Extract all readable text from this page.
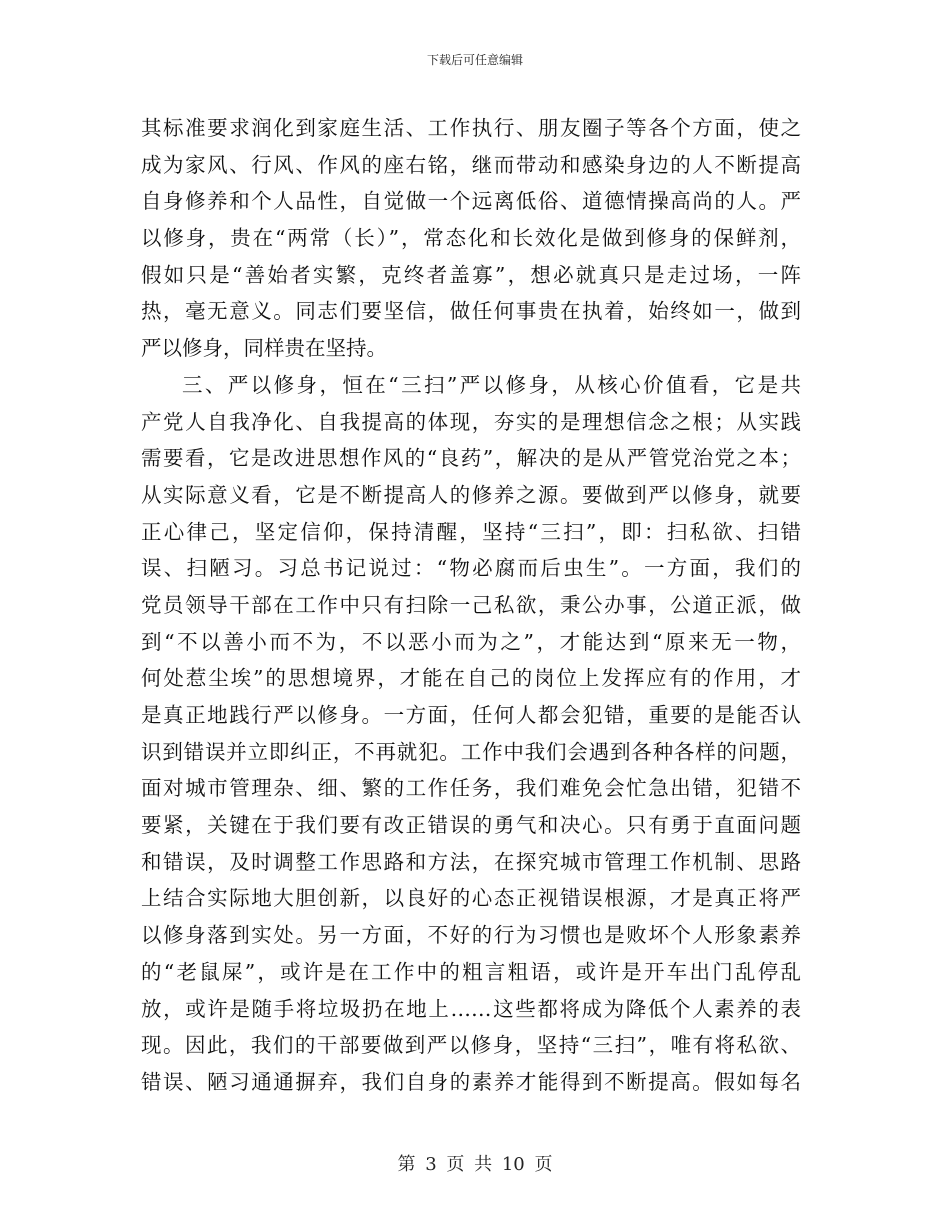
下载后可任意编辑
其标准要求润化到家庭生活、工作执行、朋友圈子等各个方面，使之
成为家风、行风、作风的座右铭，继而带动和感染身边的人不断提高
自身修养和个人品性，自觉做一个远离低俗、道德情操高尚的人。严
以修身，贵在“两常（长）”，常态化和长效化是做到修身的保鲜剂，
假如只是“善始者实繁，克终者盖寡”，想必就真只是走过场，一阵
热，毫无意义。同志们要坚信，做任何事贵在执着，始终如一，做到
严以修身，同样贵在坚持。
三、严以修身，恒在“三扫”严以修身，从核心价值看，它是共
产党人自我净化、自我提高的体现，夯实的是理想信念之根；从实践
需要看，它是改进思想作风的“良药”，解决的是从严管党治党之本；
从实际意义看，它是不断提高人的修养之源。要做到严以修身，就要
正心律己，坚定信仰，保持清醒，坚持“三扫”，即：扫私欲、扫错
误、扫陋习。习总书记说过：“物必腐而后虫生”。一方面，我们的
党员领导干部在工作中只有扫除一己私欲，秉公办事，公道正派，做
到“不以善小而不为，不以恶小而为之”，才能达到“原来无一物，
何处惹尘埃”的思想境界，才能在自己的岗位上发挥应有的作用，才
是真正地践行严以修身。一方面，任何人都会犯错，重要的是能否认
识到错误并立即纠正，不再就犯。工作中我们会遇到各种各样的问题，
面对城市管理杂、细、繁的工作任务，我们难免会忙急出错，犯错不
要紧，关键在于我们要有改正错误的勇气和决心。只有勇于直面问题
和错误，及时调整工作思路和方法，在探究城市管理工作机制、思路
上结合实际地大胆创新，以良好的心态正视错误根源，才是真正将严
以修身落到实处。另一方面，不好的行为习惯也是败坏个人形象素养
的“老鼠屎”，或许是在工作中的粗言粗语，或许是开车出门乱停乱
放，或许是随手将垃圾扔在地上……这些都将成为降低个人素养的表
现。因此，我们的干部要做到严以修身，坚持“三扫”，唯有将私欲、
错误、陋习通通摒弃，我们自身的素养才能得到不断提高。假如每名
第 3 页 共 10 页
